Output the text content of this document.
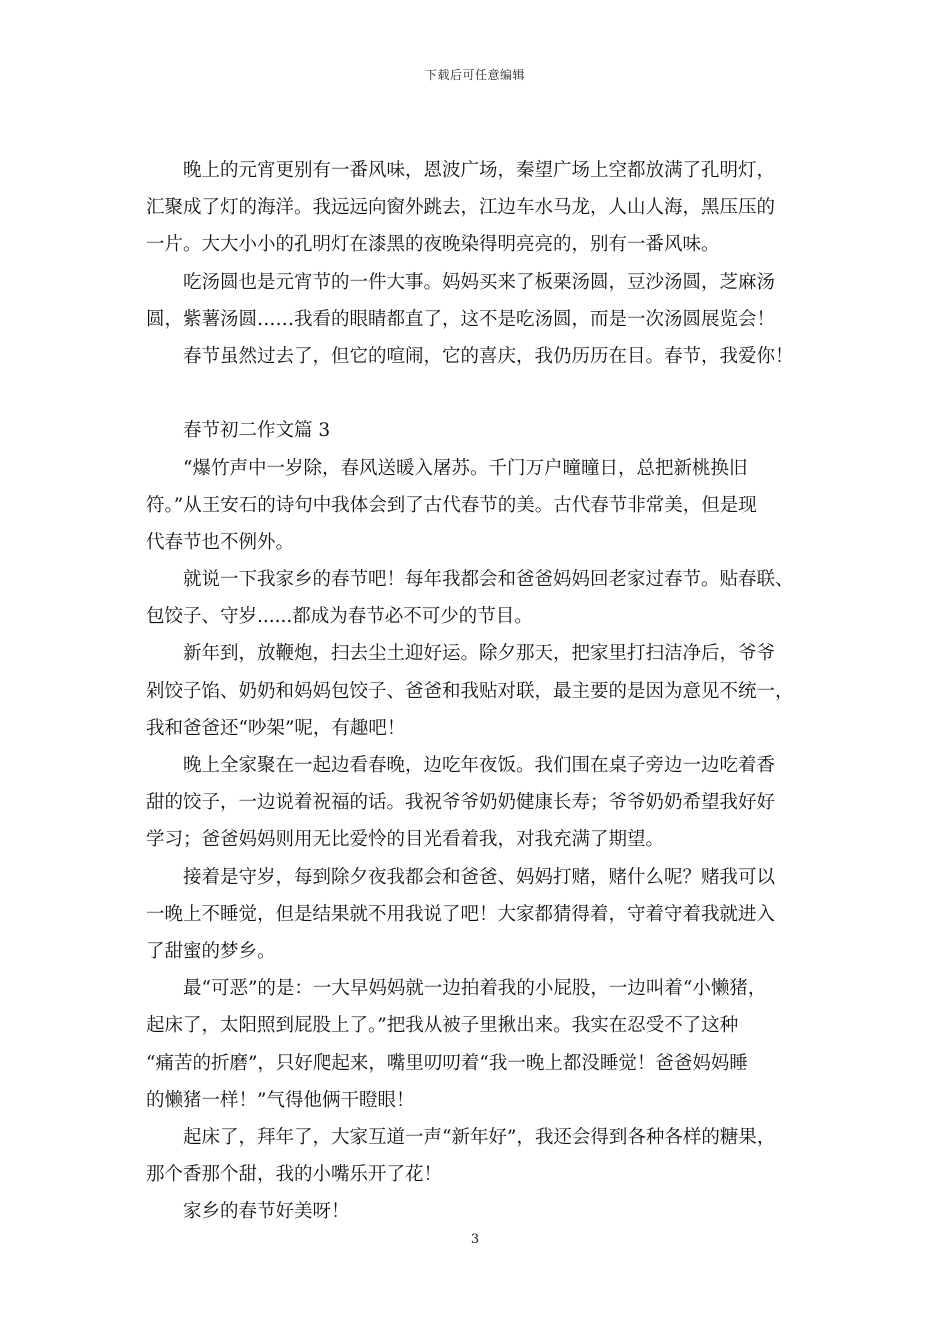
下载后可任意编辑
晚上的元宵更别有一番风味，恩波广场，秦望广场上空都放满了孔明灯，
汇聚成了灯的海洋。我远远向窗外跳去，江边车水马龙，人山人海，黑压压的
一片。大大小小的孔明灯在漆黑的夜晚染得明亮亮的，别有一番风味。
吃汤圆也是元宵节的一件大事。妈妈买来了板栗汤圆，豆沙汤圆，芝麻汤
圆，紫薯汤圆……我看的眼睛都直了，这不是吃汤圆，而是一次汤圆展览会！
春节虽然过去了，但它的喧闹，它的喜庆，我仍历历在目。春节，我爱你！
春节初二作文篇 3
“爆竹声中一岁除，春风送暖入屠苏。千门万户曈曈日，总把新桃换旧
符。”从王安石的诗句中我体会到了古代春节的美。古代春节非常美，但是现
代春节也不例外。
就说一下我家乡的春节吧！每年我都会和爸爸妈妈回老家过春节。贴春联、
包饺子、守岁......都成为春节必不可少的节目。
新年到，放鞭炮，扫去尘土迎好运。除夕那天，把家里打扫洁净后，爷爷
剁饺子馅、奶奶和妈妈包饺子、爸爸和我贴对联，最主要的是因为意见不统一，
我和爸爸还“吵架”呢，有趣吧！
晚上全家聚在一起边看春晚，边吃年夜饭。我们围在桌子旁边一边吃着香
甜的饺子，一边说着祝福的话。我祝爷爷奶奶健康长寿；爷爷奶奶希望我好好
学习；爸爸妈妈则用无比爱怜的目光看着我，对我充满了期望。
接着是守岁，每到除夕夜我都会和爸爸、妈妈打赌，赌什么呢？赌我可以
一晚上不睡觉，但是结果就不用我说了吧！大家都猜得着，守着守着我就进入
了甜蜜的梦乡。
最“可恶”的是：一大早妈妈就一边拍着我的小屁股，一边叫着“小懒猪，
起床了，太阳照到屁股上了。”把我从被子里揪出来。我实在忍受不了这种
“痛苦的折磨”，只好爬起来，嘴里叨叨着“我一晚上都没睡觉！爸爸妈妈睡
的懒猪一样！”气得他俩干瞪眼！
起床了，拜年了，大家互道一声“新年好”，我还会得到各种各样的糖果，
那个香那个甜，我的小嘴乐开了花！
家乡的春节好美呀！
3
